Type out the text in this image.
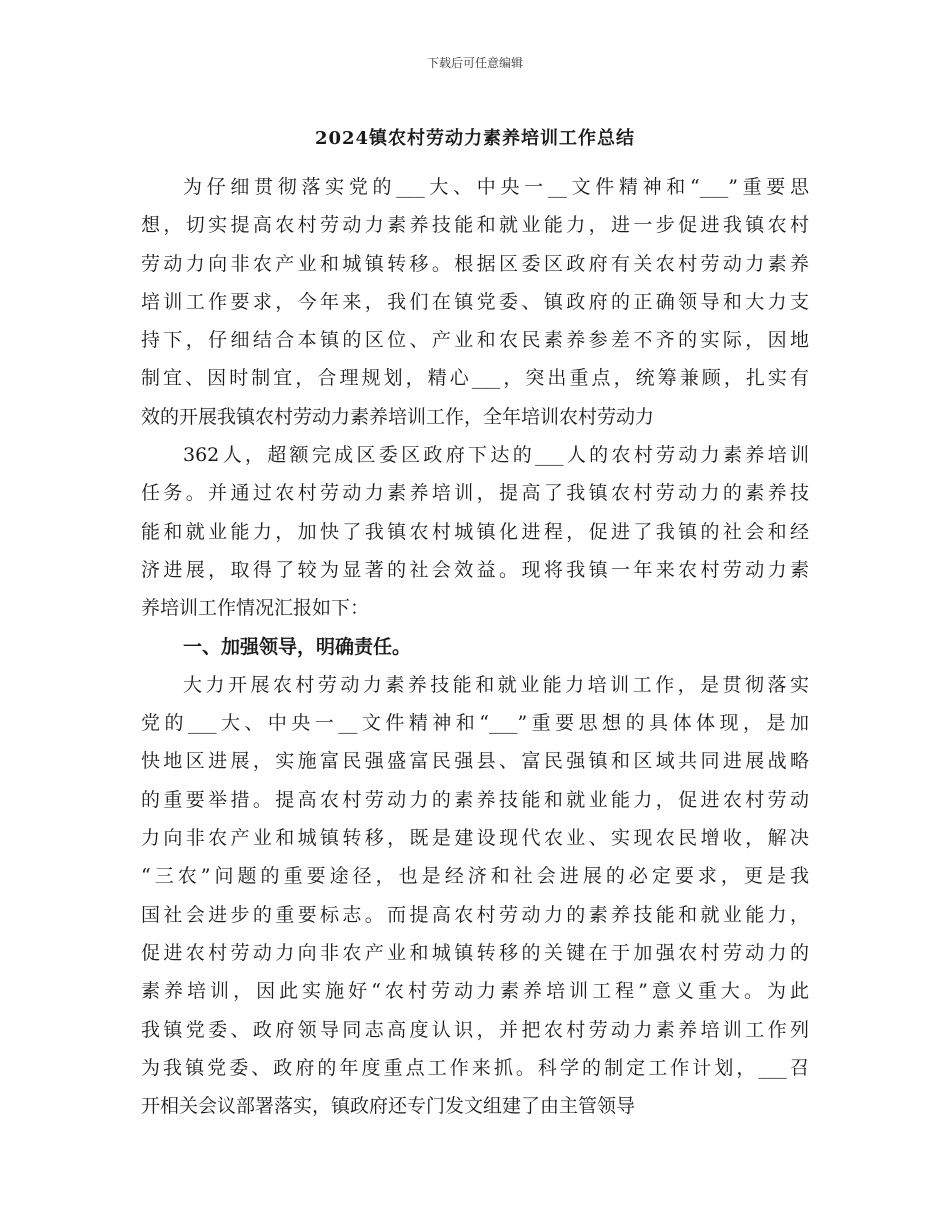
下载后可任意编辑
2024镇农村劳动力素养培训工作总结
为仔细贯彻落实党的___大、中央一__文件精神和“___”重要思
想，切实提高农村劳动力素养技能和就业能力，进一步促进我镇农村
劳动力向非农产业和城镇转移。根据区委区政府有关农村劳动力素养
培训工作要求，今年来，我们在镇党委、镇政府的正确领导和大力支
持下，仔细结合本镇的区位、产业和农民素养参差不齐的实际，因地
制宜、因时制宜，合理规划，精心___，突出重点，统筹兼顾，扎实有
效的开展我镇农村劳动力素养培训工作，全年培训农村劳动力
362人，超额完成区委区政府下达的___人的农村劳动力素养培训
任务。并通过农村劳动力素养培训，提高了我镇农村劳动力的素养技
能和就业能力，加快了我镇农村城镇化进程，促进了我镇的社会和经
济进展，取得了较为显著的社会效益。现将我镇一年来农村劳动力素
养培训工作情况汇报如下：
一、加强领导，明确责任。
大力开展农村劳动力素养技能和就业能力培训工作，是贯彻落实
党的___大、中央一__文件精神和“___”重要思想的具体体现，是加
快地区进展，实施富民强盛富民强县、富民强镇和区域共同进展战略
的重要举措。提高农村劳动力的素养技能和就业能力，促进农村劳动
力向非农产业和城镇转移，既是建设现代农业、实现农民增收，解决
“三农”问题的重要途径，也是经济和社会进展的必定要求，更是我
国社会进步的重要标志。而提高农村劳动力的素养技能和就业能力，
促进农村劳动力向非农产业和城镇转移的关键在于加强农村劳动力的
素养培训，因此实施好“农村劳动力素养培训工程”意义重大。为此
我镇党委、政府领导同志高度认识，并把农村劳动力素养培训工作列
为我镇党委、政府的年度重点工作来抓。科学的制定工作计划，___召
开相关会议部署落实，镇政府还专门发文组建了由主管领导
